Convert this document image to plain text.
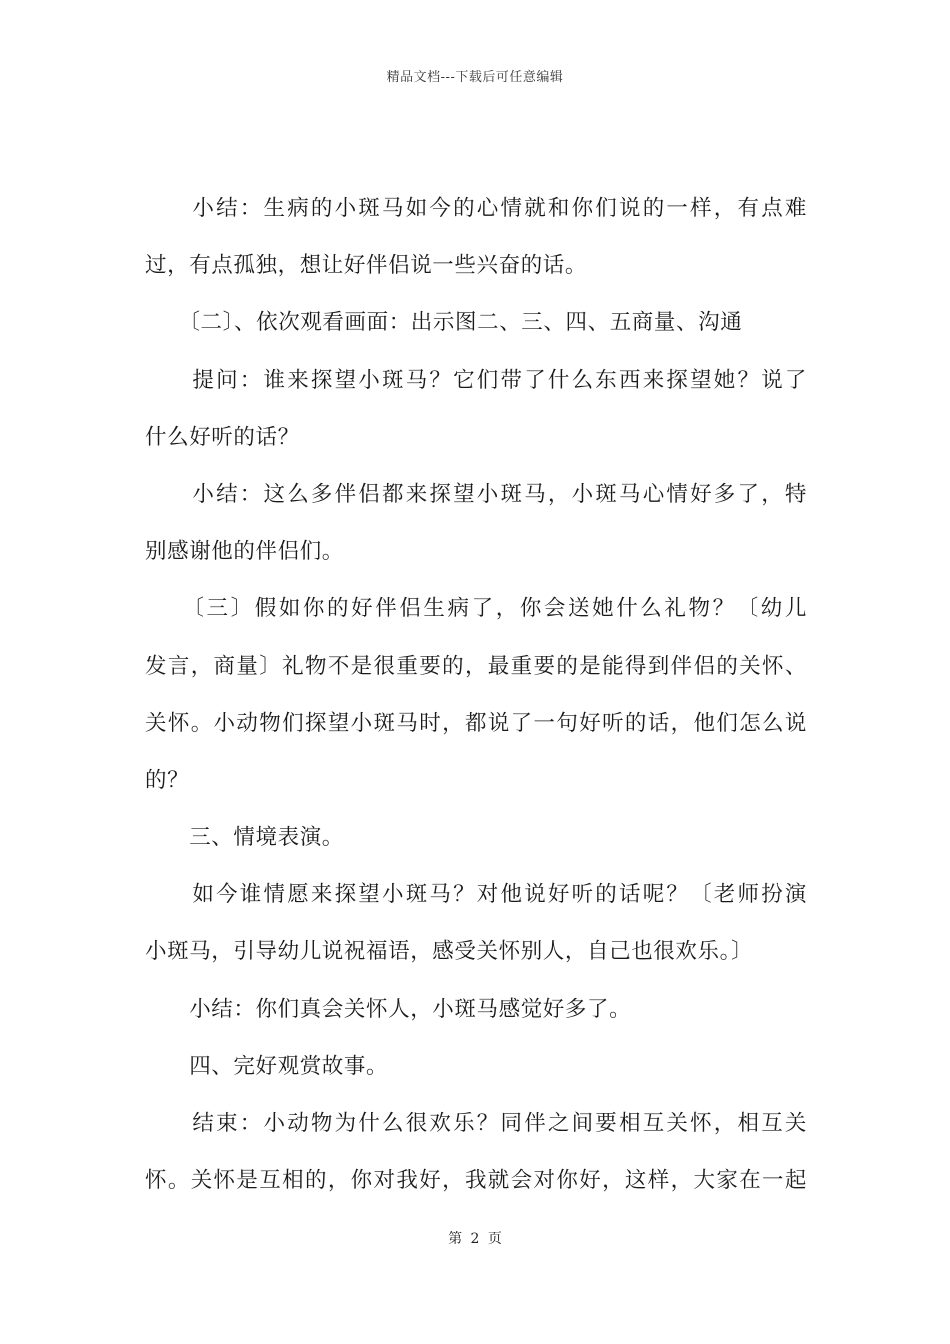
精品文档---下载后可任意编辑
　　小结：生病的小斑马如今的心情就和你们说的一样，有点难
过，有点孤独，想让好伴侣说一些兴奋的话。
　　〔二〕、依次观看画面：出示图二、三、四、五商量、沟通
　　提问：谁来探望小斑马？它们带了什么东西来探望她？说了
什么好听的话？
　　小结：这么多伴侣都来探望小斑马，小斑马心情好多了，特
别感谢他的伴侣们。
　　〔三〕假如你的好伴侣生病了，你会送她什么礼物？〔幼儿
发言，商量〕礼物不是很重要的，最重要的是能得到伴侣的关怀、
关怀。小动物们探望小斑马时，都说了一句好听的话，他们怎么说
的？
　　三、情境表演。
　　如今谁情愿来探望小斑马？对他说好听的话呢？〔老师扮演
小斑马，引导幼儿说祝福语，感受关怀别人，自己也很欢乐。〕
　　小结：你们真会关怀人，小斑马感觉好多了。
　　四、完好观赏故事。
　　结束：小动物为什么很欢乐？同伴之间要相互关怀，相互关
怀。关怀是互相的，你对我好，我就会对你好，这样，大家在一起
第 2 页
